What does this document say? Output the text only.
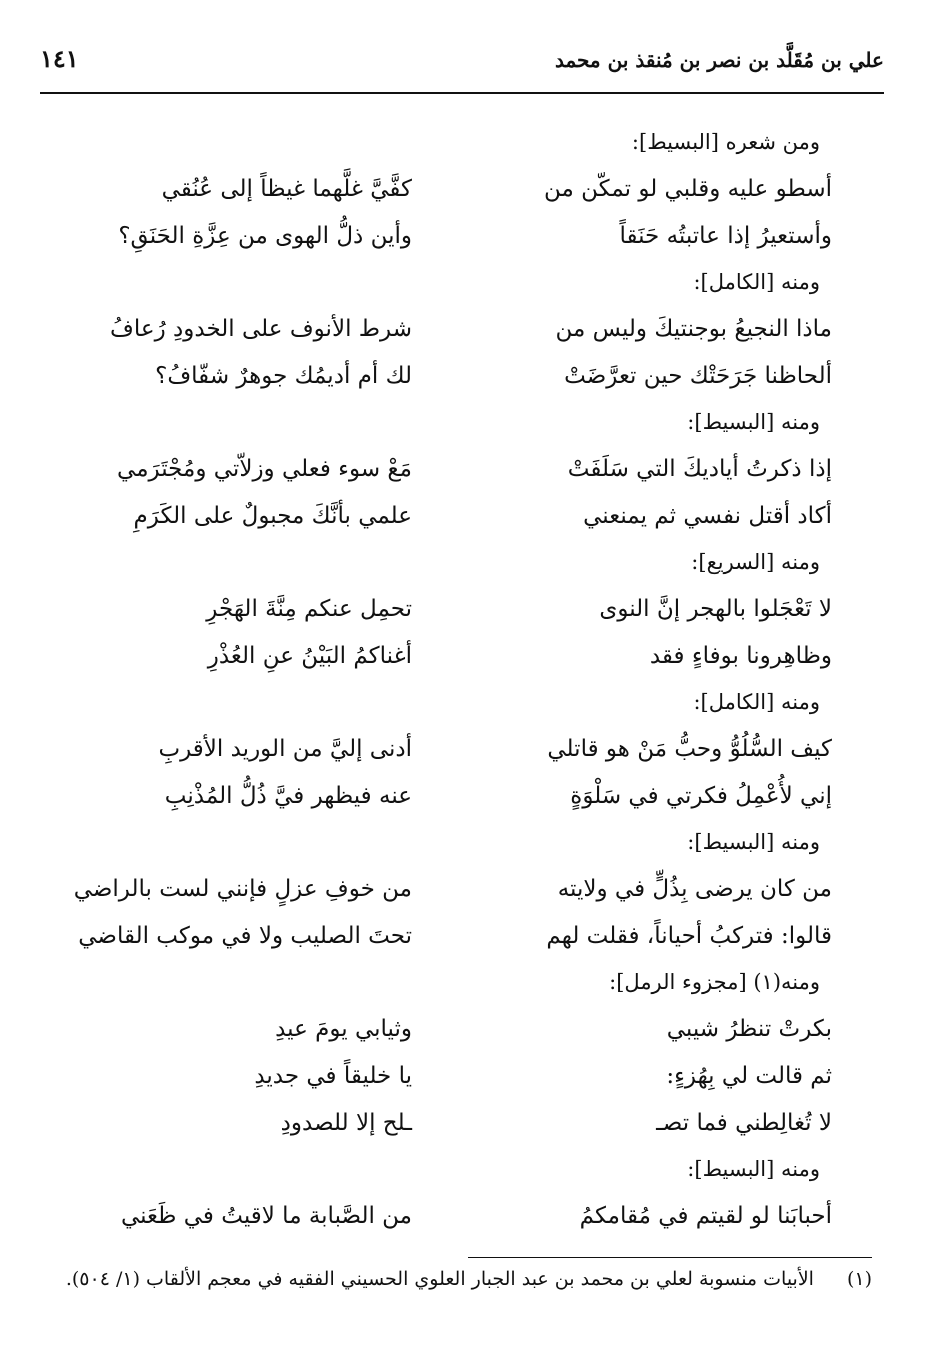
علي بن مُقَلَّد بن نصر بن مُنقذ بن محمد
١٤١
ومن شعره [البسيط]:
أسطو عليه وقلبي لو تمكّن من
كفَّيَّ غلَّهما غيظاً إلى عُنُقي
وأستعيرُ إذا عاتبتُه حَنَقاً
وأين ذلُّ الهوى من عِزَّةِ الحَنَقِ؟
ومنه [الكامل]:
ماذا النجيعُ بوجنتيكَ وليس من
شرط الأنوف على الخدودِ رُعافُ
ألحاظنا جَرَحَتْك حين تعرَّضَتْ
لك أم أديمُك جوهرٌ شفّافُ؟
ومنه [البسيط]:
إذا ذكرتُ أياديكَ التي سَلَفَتْ
مَعْ سوء فعلي وزلاّتي ومُجْتَرَمي
أكاد أقتل نفسي ثم يمنعني
علمي بأنَّكَ مجبولٌ على الكَرَمِ
ومنه [السريع]:
لا تَعْجَلوا بالهجر إنَّ النوى
تحمِل عنكم مِنَّةَ الهَجْرِ
وظاهِرونا بوفاءٍ فقد
أغناكمُ البَيْنُ عنِ العُذْرِ
ومنه [الكامل]:
كيف السُّلُوُّ وحبُّ مَنْ هو قاتلي
أدنى إليَّ من الوريد الأقربِ
إني لأُعْمِلُ فكرتي في سَلْوَةٍ
عنه فيظهر فيَّ ذُلُّ المُذْنِبِ
ومنه [البسيط]:
من كان يرضى بِذُلٍّ في ولايته
من خوفِ عزلٍ فإنني لست بالراضي
قالوا: فتركبُ أحياناً، فقلت لهم
تحتَ الصليب ولا في موكب القاضي
ومنه(١) [مجزوء الرمل]:
بكرتْ تنظرُ شيبي
وثيابي يومَ عيدِ
ثم قالت لي بِهُزءٍ:
يا خليقاً في جديدِ
لا تُغالِطني فما تصـ
ـلح إلا للصدودِ
ومنه [البسيط]:
أحبابَنا لو لقيتم في مُقامكمُ
من الصَّبابة ما لاقيتُ في ظَعَني
(١) الأبيات منسوبة لعلي بن محمد بن عبد الجبار العلوي الحسيني الفقيه في معجم الألقاب (١/ ٥٠٤).
